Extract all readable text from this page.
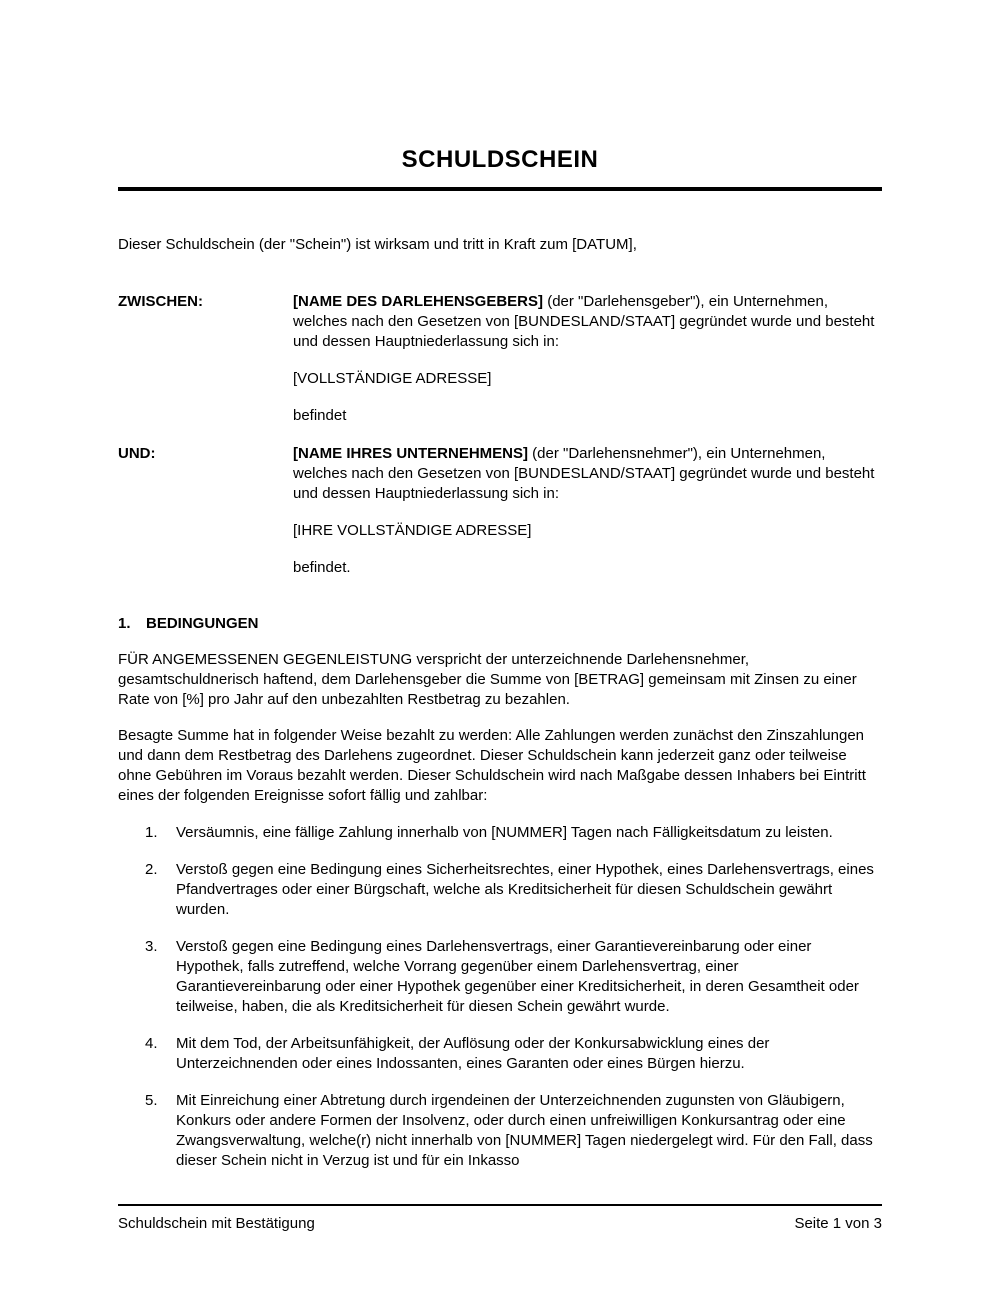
SCHULDSCHEIN

Dieser Schuldschein (der "Schein") ist wirksam und tritt in Kraft zum [DATUM],

ZWISCHEN:	[NAME DES DARLEHENSGEBERS] (der "Darlehensgeber"), ein Unternehmen, welches nach den Gesetzen von [BUNDESLAND/STAAT] gegründet wurde und besteht und dessen Hauptniederlassung sich in:

[VOLLSTÄNDIGE ADRESSE]

befindet

UND:	[NAME IHRES UNTERNEHMENS] (der "Darlehensnehmer"), ein Unternehmen, welches nach den Gesetzen von [BUNDESLAND/STAAT] gegründet wurde und besteht und dessen Hauptniederlassung sich in:

[IHRE VOLLSTÄNDIGE ADRESSE]

befindet.

1.	BEDINGUNGEN

FÜR ANGEMESSENEN GEGENLEISTUNG verspricht der unterzeichnende Darlehensnehmer, gesamtschuldnerisch haftend, dem Darlehensgeber die Summe von [BETRAG] gemeinsam mit Zinsen zu einer Rate von [%] pro Jahr auf den unbezahlten Restbetrag zu bezahlen.

Besagte Summe hat in folgender Weise bezahlt zu werden: Alle Zahlungen werden zunächst den Zinszahlungen und dann dem Restbetrag des Darlehens zugeordnet. Dieser Schuldschein kann jederzeit ganz oder teilweise ohne Gebühren im Voraus bezahlt werden. Dieser Schuldschein wird nach Maßgabe dessen Inhabers bei Eintritt eines der folgenden Ereignisse sofort fällig und zahlbar:

1. Versäumnis, eine fällige Zahlung innerhalb von [NUMMER] Tagen nach Fälligkeitsdatum zu leisten.

2. Verstoß gegen eine Bedingung eines Sicherheitsrechtes, einer Hypothek, eines Darlehensvertrags, eines Pfandvertrages oder einer Bürgschaft, welche als Kreditsicherheit für diesen Schuldschein gewährt wurden.

3. Verstoß gegen eine Bedingung eines Darlehensvertrags, einer Garantievereinbarung oder einer Hypothek, falls zutreffend, welche Vorrang gegenüber einem Darlehensvertrag, einer Garantievereinbarung oder einer Hypothek gegenüber einer Kreditsicherheit, in deren Gesamtheit oder teilweise, haben, die als Kreditsicherheit für diesen Schein gewährt wurde.

4. Mit dem Tod, der Arbeitsunfähigkeit, der Auflösung oder der Konkursabwicklung eines der Unterzeichnenden oder eines Indossanten, eines Garanten oder eines Bürgen hierzu.

5. Mit Einreichung einer Abtretung durch irgendeinen der Unterzeichnenden zugunsten von Gläubigern, Konkurs oder andere Formen der Insolvenz, oder durch einen unfreiwilligen Konkursantrag oder eine Zwangsverwaltung, welche(r) nicht innerhalb von [NUMMER] Tagen niedergelegt wird. Für den Fall, dass dieser Schein nicht in Verzug ist und für ein Inkasso

Schuldschein mit Bestätigung	Seite 1 von 3
